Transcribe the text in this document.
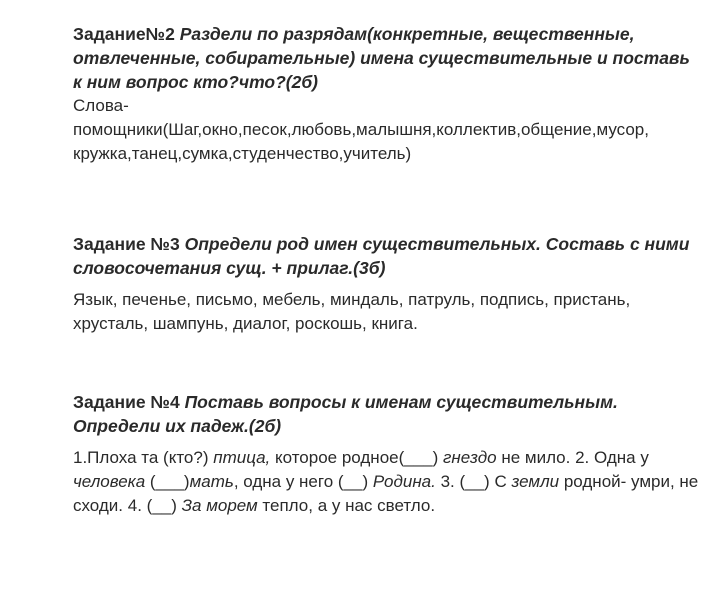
Задание№2 Раздели по разрядам(конкретные, вещественные, отвлеченные, собирательные) имена существительные и поставь к ним вопрос кто?что?(2б)

Слова-
помощники(Шаг,окно,песок,любовь,малышня,коллектив,общение,мусор,
кружка,танец,сумка,студенчество,учитель)

Задание №3 Определи род имен существительных. Составь с ними словосочетания сущ. + прилаг.(3б)

Язык, печенье, письмо, мебель, миндаль, патруль, подпись, пристань, хрусталь, шампунь, диалог, роскошь, книга.

Задание №4 Поставь вопросы к именам существительным. Определи их падеж.(2б)

1.Плоха та (кто?) птица, которое родное(___) гнездо не мило. 2. Одна у
человека (___)мать, одна у него (__) Родина. 3. (__) С земли родной- умри, не сходи. 4. (__) За морем тепло, а у нас светло.
